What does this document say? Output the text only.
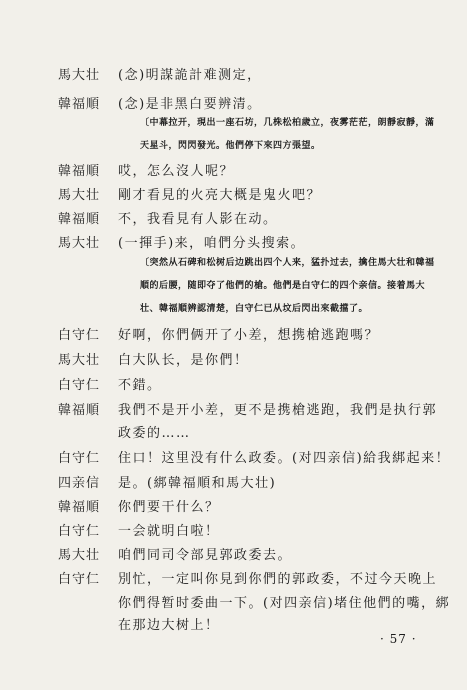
馬大壮	(念)明謀詭計难测定，
韓福順	(念)是非黑白要辨清。
〔中幕拉开，現出一座石坊，几株松柏歲立，夜雾茫茫，朗靜寂靜，滿天星斗，閃閃發光。他們停下來四方張望。
韓福順	哎，怎么沒人呢？
馬大壮	剛才看見的火亮大概是鬼火吧？
韓福順	不，我看見有人影在动。
馬大壮	(一揮手)来，咱們分头搜索。
〔突然从石碑和松树后边跳出四个人来，猛扑过去，擒住馬大壮和韓福順的后腰，随即夺了他們的槍。他們是白守仁的四个亲信。接着馬大壮、韓福順辨認清楚，白守仁已从坟后閃出來截擋了。
白守仁	好啊，你們俩开了小差，想携槍逃跑嗎？
馬大壮	白大队长，是你們！
白守仁	不錯。
韓福順	我們不是开小差，更不是携槍逃跑，我們是执行郭
政委的……
白守仁	住口！这里没有什么政委。(对四亲信)給我綁起来！
四亲信	是。(綁韓福順和馬大壮)
韓福順	你們要干什么？
白守仁	一会就明白啦！
馬大壮	咱們同司令部見郭政委去。
白守仁	別忙，一定叫你見到你們的郭政委，不过今天晚上
你們得暂时委曲一下。(对四亲信)堵住他們的嘴，綁
在那边大树上！
· 57 ·
